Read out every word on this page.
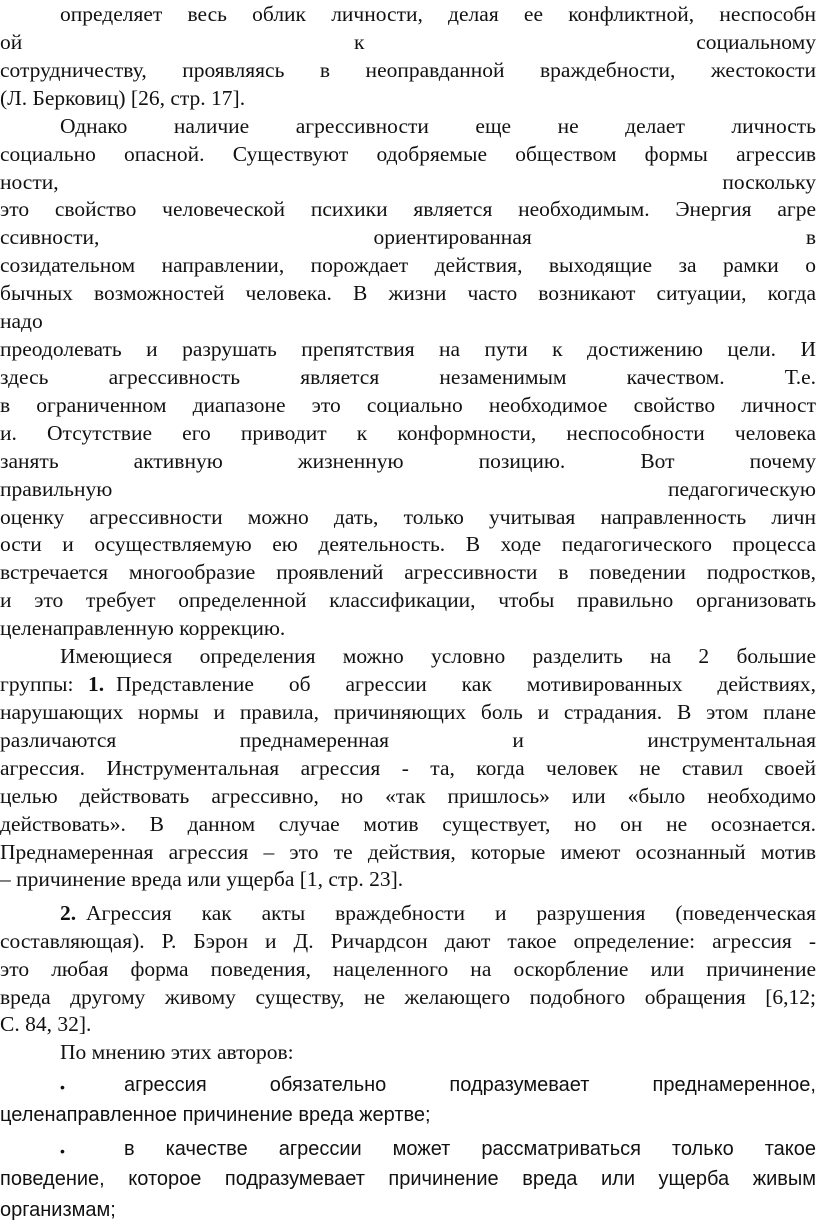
определяет весь облик личности, делая ее конфликтной, неспособн
ой к социальному
сотрудничеству, проявляясь в неоправданной враждебности, жестокости
(Л. Берковиц) [26, стр. 17].
Однако наличие агрессивности еще не делает личность
социально опасной. Существуют одобряемые обществом формы агрессив
ности, поскольку
это свойство человеческой психики является необходимым. Энергия агре
ссивности, ориентированная в
созидательном направлении, порождает действия, выходящие за рамки о
бычных возможностей человека. В жизни часто возникают ситуации, когда
надо
преодолевать и разрушать препятствия на пути к достижению цели. И
здесь агрессивность является незаменимым качеством. Т.е.
в ограниченном диапазоне это социально необходимое свойство личност
и. Отсутствие его приводит к конформности, неспособности человека
занять активную жизненную позицию. Вот почему
правильную педагогическую
оценку агрессивности можно дать, только учитывая направленность личн
ости и осуществляемую ею деятельность. В ходе педагогического процесса
встречается многообразие проявлений агрессивности в поведении подростков,
и это требует определенной классификации, чтобы правильно организовать
целенаправленную коррекцию.
Имеющиеся определения можно условно разделить на 2 большие
группы: 1. Представление об агрессии как мотивированных действиях,
нарушающих нормы и правила, причиняющих боль и страдания. В этом плане
различаются преднамеренная и инструментальная
агрессия. Инструментальная агрессия - та, когда человек не ставил своей
целью действовать агрессивно, но «так пришлось» или «было необходимо
действовать». В данном случае мотив существует, но он не осознается.
Преднамеренная агрессия – это те действия, которые имеют осознанный мотив
– причинение вреда или ущерба [1, стр. 23].
2. Агрессия как акты враждебности и разрушения (поведенческая
составляющая). Р. Бэрон и Д. Ричардсон дают такое определение: агрессия -
это любая форма поведения, нацеленного на оскорбление или причинение
вреда другому живому существу, не желающего подобного обращения [6,12;
С. 84, 32].
По мнению этих авторов:
•	агрессия обязательно подразумевает преднамеренное,
целенаправленное причинение вреда жертве;
•	в качестве агрессии может рассматриваться только такое
поведение, которое подразумевает причинение вреда или ущерба живым
организмам;
